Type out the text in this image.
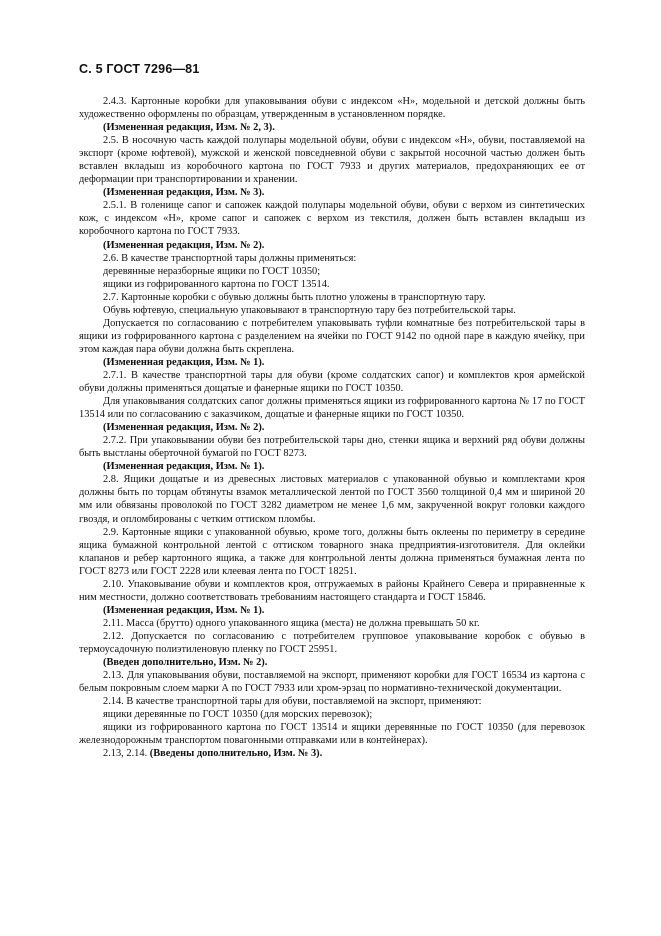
С. 5 ГОСТ 7296—81

2.4.3. Картонные коробки для упаковывания обуви с индексом «Н», модельной и детской должны быть художественно оформлены по образцам, утвержденным в установленном порядке.

(Измененная редакция, Изм. № 2, 3).

2.5. В носочную часть каждой полупары модельной обуви, обуви с индексом «Н», обуви, поставляемой на экспорт (кроме юфтевой), мужской и женской повседневной обуви с закрытой носочной частью должен быть вставлен вкладыш из коробочного картона по ГОСТ 7933 и других материалов, предохраняющих ее от деформации при транспортировании и хранении.

(Измененная редакция, Изм. № 3).

2.5.1. В голенище сапог и сапожек каждой полупары модельной обуви, обуви с верхом из синтетических кож, с индексом «Н», кроме сапог и сапожек с верхом из текстиля, должен быть вставлен вкладыш из коробочного картона по ГОСТ 7933.

(Измененная редакция, Изм. № 2).

2.6. В качестве транспортной тары должны применяться:

деревянные неразборные ящики по ГОСТ 10350;

ящики из гофрированного картона по ГОСТ 13514.

2.7. Картонные коробки с обувью должны быть плотно уложены в транспортную тару.

Обувь юфтевую, специальную упаковывают в транспортную тару без потребительской тары.

Допускается по согласованию с потребителем упаковывать туфли комнатные без потребительской тары в ящики из гофрированного картона с разделением на ячейки по ГОСТ 9142 по одной паре в каждую ячейку, при этом каждая пара обуви должна быть скреплена.

(Измененная редакция, Изм. № 1).

2.7.1. В качестве транспортной тары для обуви (кроме солдатских сапог) и комплектов кроя армейской обуви должны применяться дощатые и фанерные ящики по ГОСТ 10350.

Для упаковывания солдатских сапог должны применяться ящики из гофрированного картона № 17 по ГОСТ 13514 или по согласованию с заказчиком, дощатые и фанерные ящики по ГОСТ 10350.

(Измененная редакция, Изм. № 2).

2.7.2. При упаковывании обуви без потребительской тары дно, стенки ящика и верхний ряд обуви должны быть выстланы оберточной бумагой по ГОСТ 8273.

(Измененная редакция, Изм. № 1).

2.8. Ящики дощатые и из древесных листовых материалов с упакованной обувью и комплектами кроя должны быть по торцам обтянуты взамок металлической лентой по ГОСТ 3560 толщиной 0,4 мм и шириной 20 мм или обвязаны проволокой по ГОСТ 3282 диаметром не менее 1,6 мм, закрученной вокруг головки каждого гвоздя, и опломбированы с четким оттиском пломбы.

2.9. Картонные ящики с упакованной обувью, кроме того, должны быть оклеены по периметру в середине ящика бумажной контрольной лентой с оттиском товарного знака предприятия-изготовителя. Для оклейки клапанов и ребер картонного ящика, а также для контрольной ленты должна применяться бумажная лента по ГОСТ 8273 или ГОСТ 2228 или клеевая лента по ГОСТ 18251.

2.10. Упаковывание обуви и комплектов кроя, отгружаемых в районы Крайнего Севера и приравненные к ним местности, должно соответствовать требованиям настоящего стандарта и ГОСТ 15846.

(Измененная редакция, Изм. № 1).

2.11. Масса (брутто) одного упакованного ящика (места) не должна превышать 50 кг.

2.12. Допускается по согласованию с потребителем групповое упаковывание коробок с обувью в термоусадочную полиэтиленовую пленку по ГОСТ 25951.

(Введен дополнительно, Изм. № 2).

2.13. Для упаковывания обуви, поставляемой на экспорт, применяют коробки для ГОСТ 16534 из картона с белым покровным слоем марки А по ГОСТ 7933 или хром-эрзац по нормативно-технической документации.

2.14. В качестве транспортной тары для обуви, поставляемой на экспорт, применяют:

ящики деревянные по ГОСТ 10350 (для морских перевозок);

ящики из гофрированного картона по ГОСТ 13514 и ящики деревянные по ГОСТ 10350 (для перевозок железнодорожным транспортом повагонными отправками или в контейнерах).

2.13, 2.14. (Введены дополнительно, Изм. № 3).
